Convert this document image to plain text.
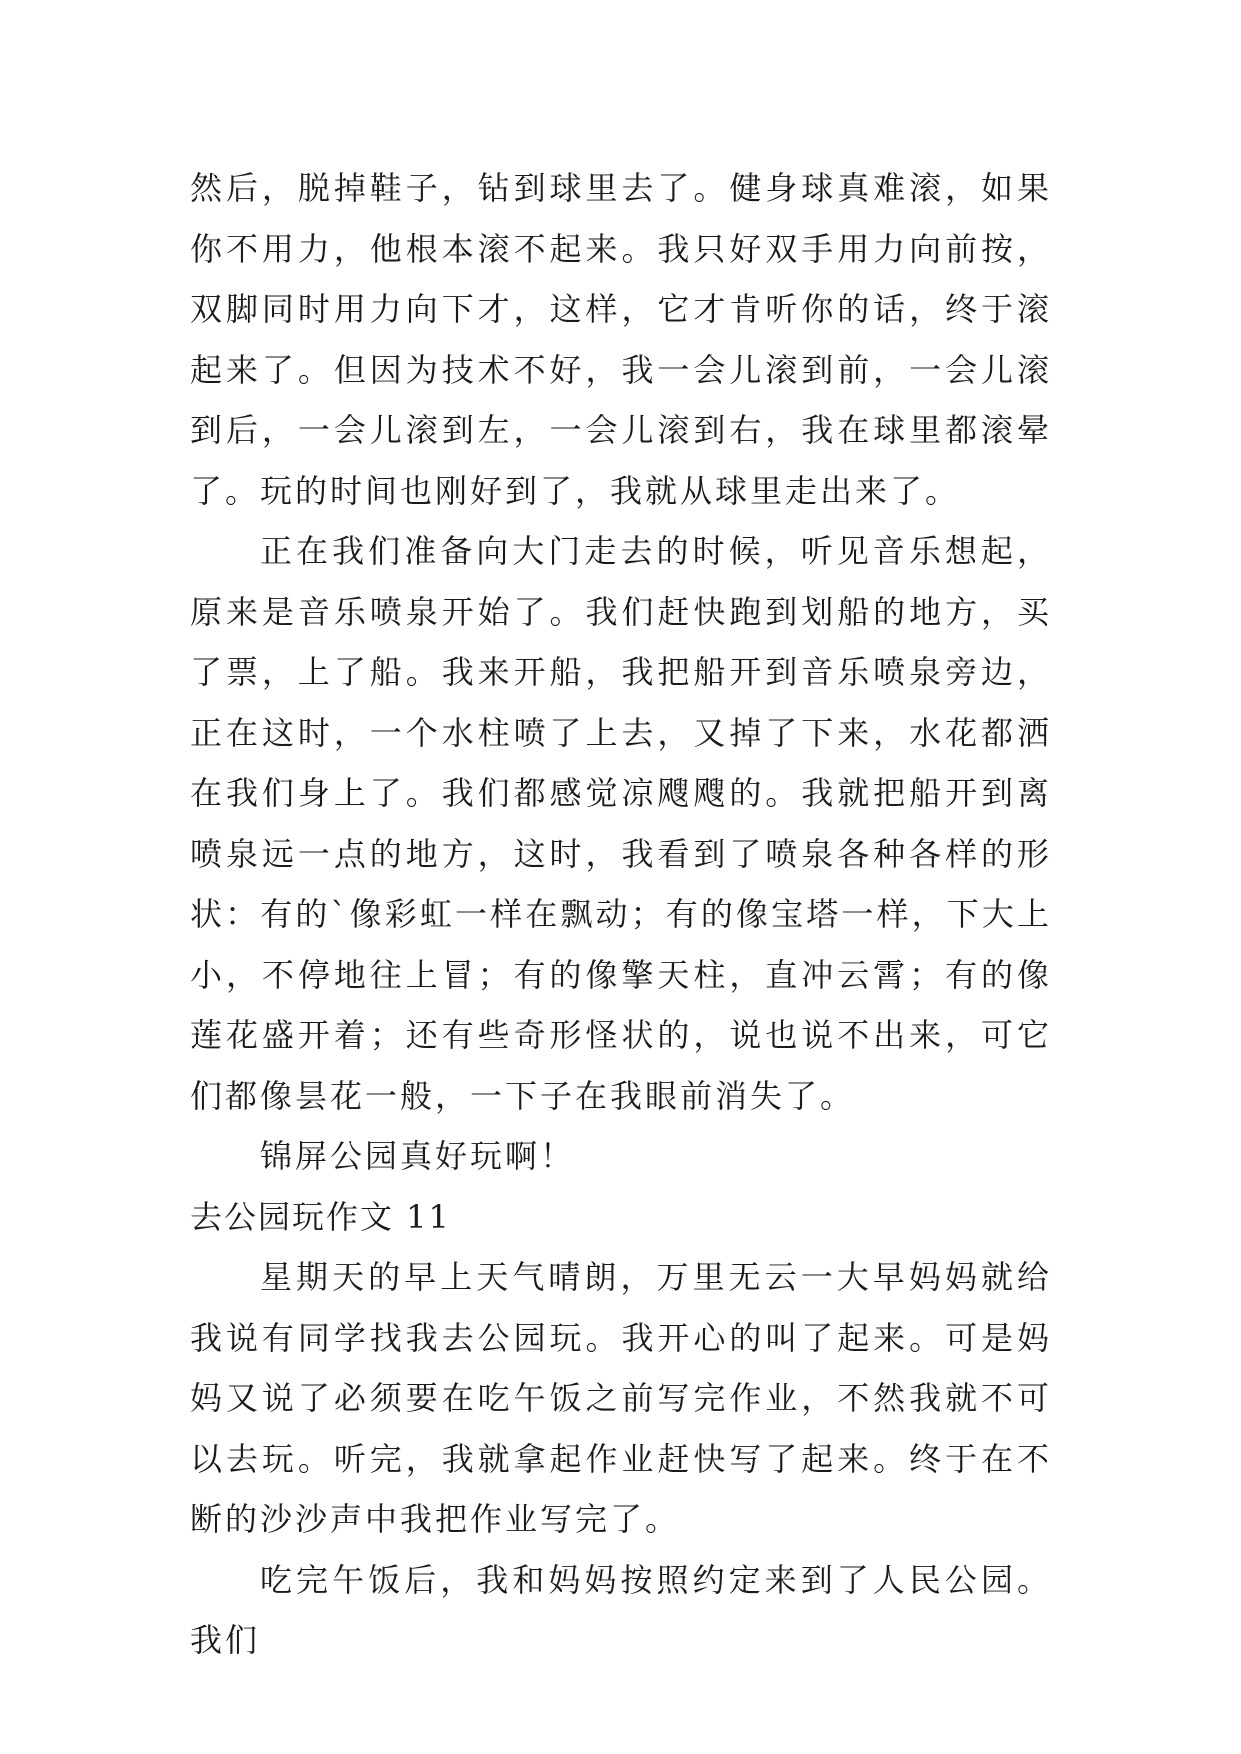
然后，脱掉鞋子，钻到球里去了。健身球真难滚，如果你不用力，他根本滚不起来。我只好双手用力向前按，双脚同时用力向下才，这样，它才肯听你的话，终于滚起来了。但因为技术不好，我一会儿滚到前，一会儿滚到后，一会儿滚到左，一会儿滚到右，我在球里都滚晕了。玩的时间也刚好到了，我就从球里走出来了。

正在我们准备向大门走去的时候，听见音乐想起，原来是音乐喷泉开始了。我们赶快跑到划船的地方，买了票，上了船。我来开船，我把船开到音乐喷泉旁边，正在这时，一个水柱喷了上去，又掉了下来，水花都洒在我们身上了。我们都感觉凉飕飕的。我就把船开到离喷泉远一点的地方，这时，我看到了喷泉各种各样的形状：有的`像彩虹一样在飘动；有的像宝塔一样，下大上小，不停地往上冒；有的像擎天柱，直冲云霄；有的像莲花盛开着；还有些奇形怪状的，说也说不出来，可它们都像昙花一般，一下子在我眼前消失了。

锦屏公园真好玩啊！

去公园玩作文 11

星期天的早上天气晴朗，万里无云一大早妈妈就给我说有同学找我去公园玩。我开心的叫了起来。可是妈妈又说了必须要在吃午饭之前写完作业，不然我就不可以去玩。听完，我就拿起作业赶快写了起来。终于在不断的沙沙声中我把作业写完了。

吃完午饭后，我和妈妈按照约定来到了人民公园。我们
